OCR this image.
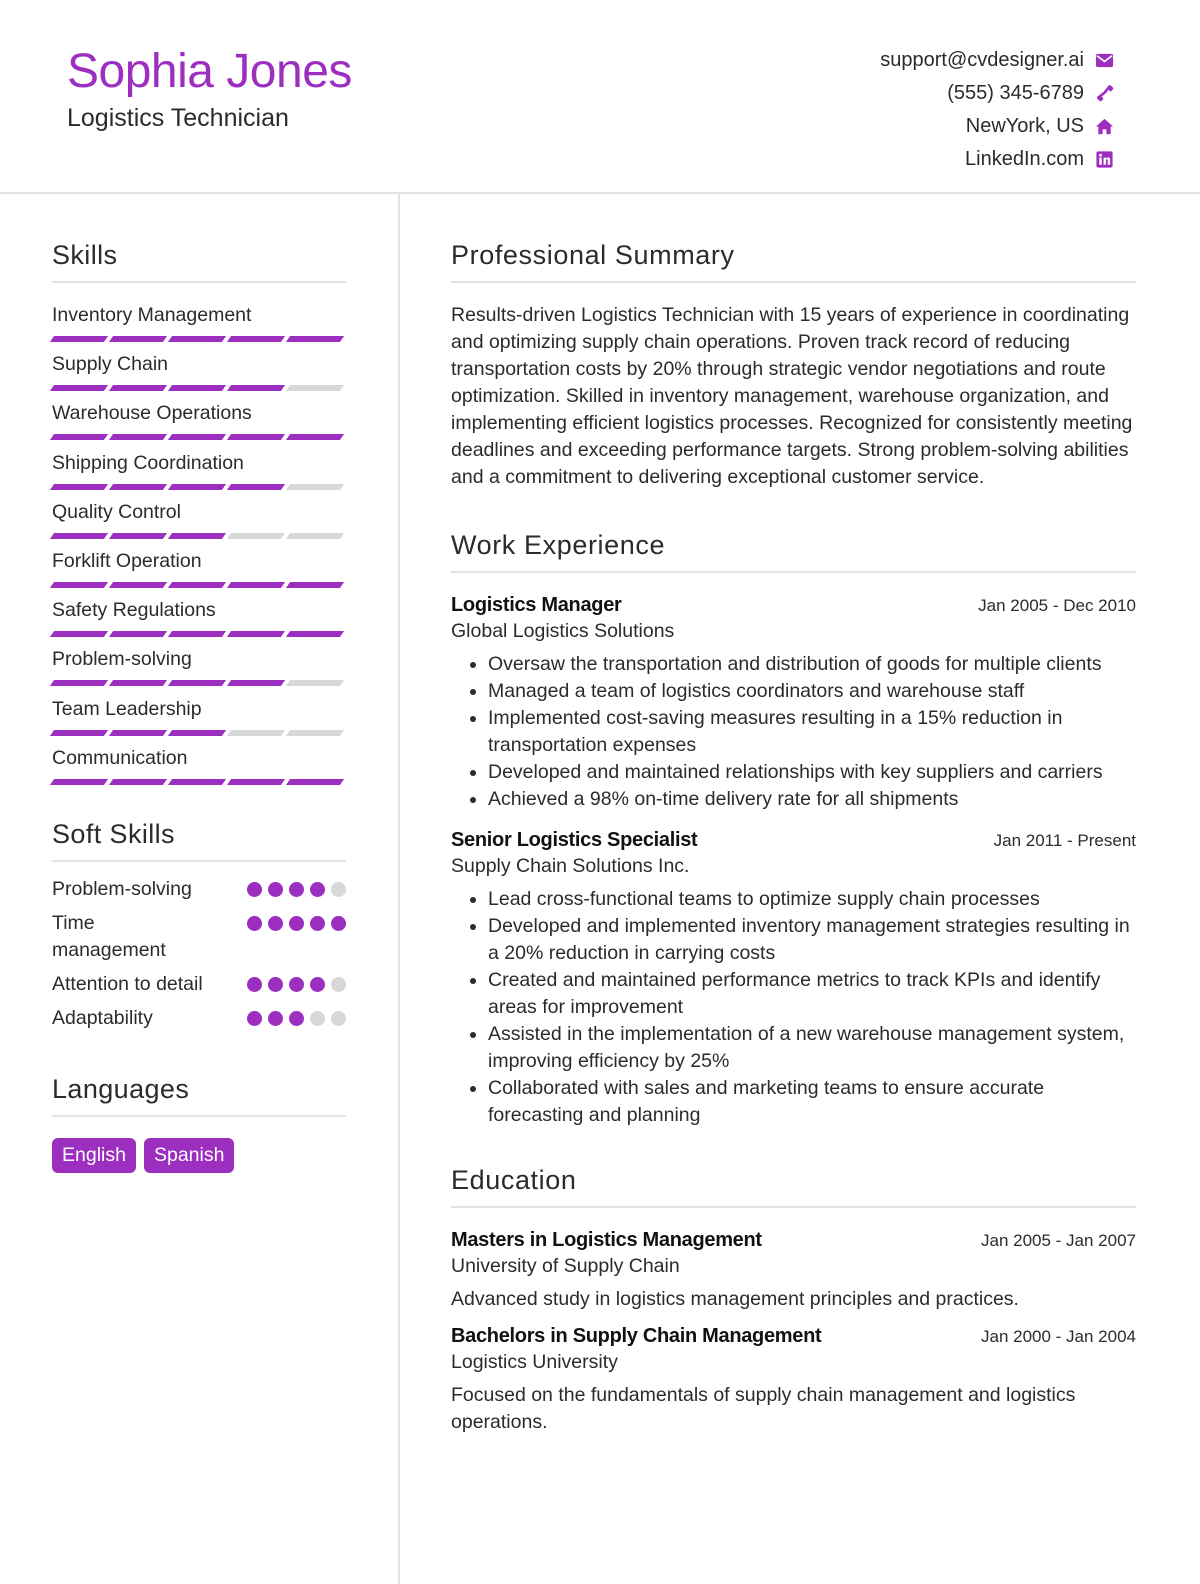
Sophia Jones
Logistics Technician
support@cvdesigner.ai
(555) 345-6789
NewYork, US
LinkedIn.com
Skills
Inventory Management
Supply Chain
Warehouse Operations
Shipping Coordination
Quality Control
Forklift Operation
Safety Regulations
Problem-solving
Team Leadership
Communication
Soft Skills
Problem-solving
Time management
Attention to detail
Adaptability
Languages
English	Spanish
Professional Summary
Results-driven Logistics Technician with 15 years of experience in coordinating and optimizing supply chain operations. Proven track record of reducing transportation costs by 20% through strategic vendor negotiations and route optimization. Skilled in inventory management, warehouse organization, and implementing efficient logistics processes. Recognized for consistently meeting deadlines and exceeding performance targets. Strong problem-solving abilities and a commitment to delivering exceptional customer service.
Work Experience
Logistics Manager	Jan 2005 - Dec 2010
Global Logistics Solutions
• Oversaw the transportation and distribution of goods for multiple clients
• Managed a team of logistics coordinators and warehouse staff
• Implemented cost-saving measures resulting in a 15% reduction in transportation expenses
• Developed and maintained relationships with key suppliers and carriers
• Achieved a 98% on-time delivery rate for all shipments
Senior Logistics Specialist	Jan 2011 - Present
Supply Chain Solutions Inc.
• Lead cross-functional teams to optimize supply chain processes
• Developed and implemented inventory management strategies resulting in a 20% reduction in carrying costs
• Created and maintained performance metrics to track KPIs and identify areas for improvement
• Assisted in the implementation of a new warehouse management system, improving efficiency by 25%
• Collaborated with sales and marketing teams to ensure accurate forecasting and planning
Education
Masters in Logistics Management	Jan 2005 - Jan 2007
University of Supply Chain
Advanced study in logistics management principles and practices.
Bachelors in Supply Chain Management	Jan 2000 - Jan 2004
Logistics University
Focused on the fundamentals of supply chain management and logistics operations.
